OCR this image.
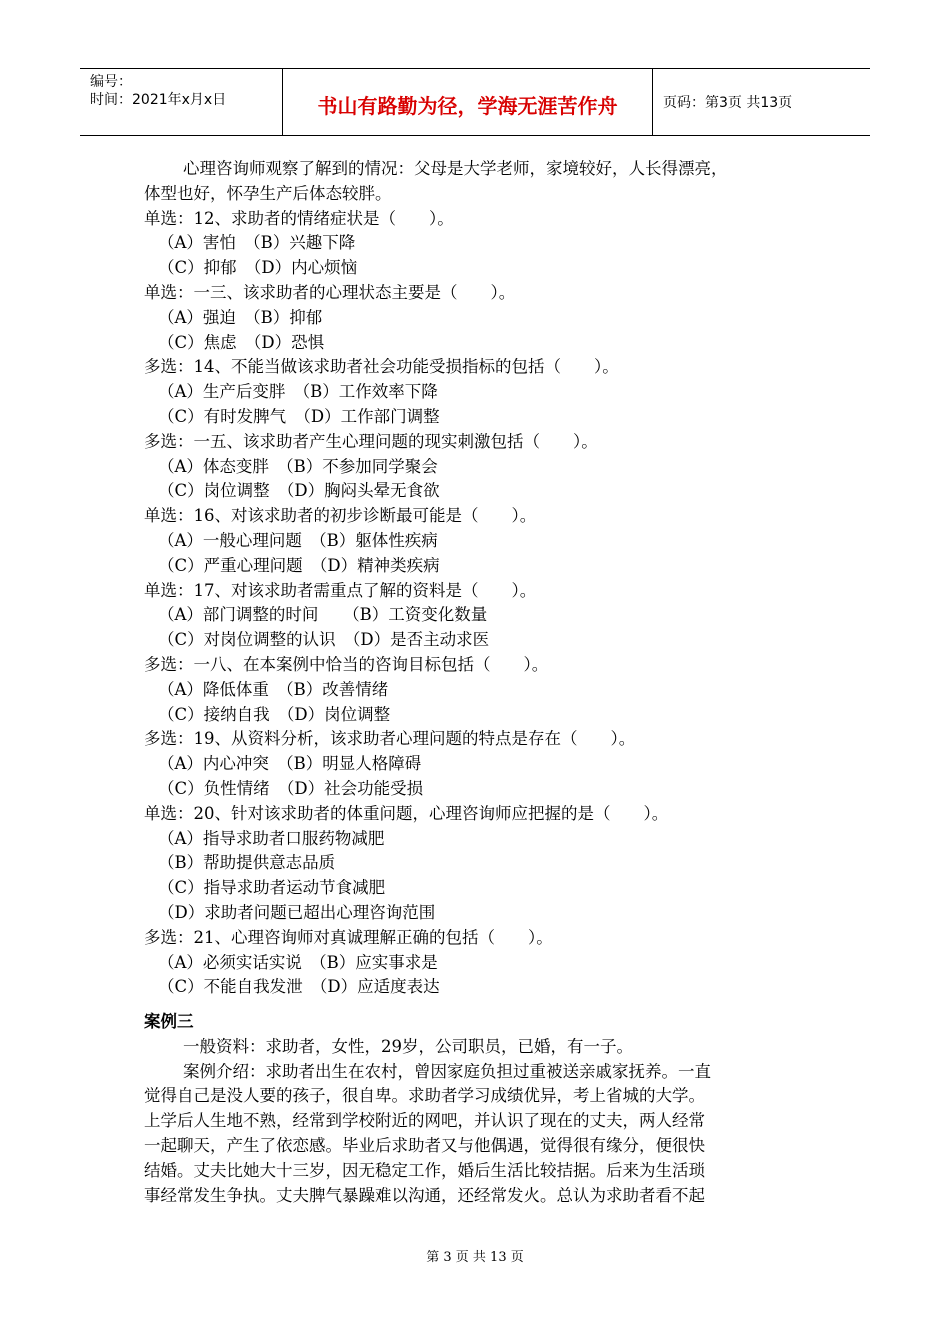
编号：
时间：2021年x月x日	书山有路勤为径，学海无涯苦作舟	页码：第3页 共13页
心理咨询师观察了解到的情况：父母是大学老师，家境较好，人长得漂亮，
体型也好，怀孕生产后体态较胖。
单选：12、求助者的情绪症状是（　　）。
（A）害怕　（B）兴趣下降
（C）抑郁　（D）内心烦恼
单选：一三、该求助者的心理状态主要是（　　）。
（A）强迫　（B）抑郁
（C）焦虑　（D）恐惧
多选：14、不能当做该求助者社会功能受损指标的包括（　　）。
（A）生产后变胖　（B）工作效率下降
（C）有时发脾气　（D）工作部门调整
多选：一五、该求助者产生心理问题的现实刺激包括（　　）。
（A）体态变胖　（B）不参加同学聚会
（C）岗位调整　（D）胸闷头晕无食欲
单选：16、对该求助者的初步诊断最可能是（　　）。
（A）一般心理问题　（B）躯体性疾病
（C）严重心理问题　（D）精神类疾病
单选：17、对该求助者需重点了解的资料是（　　）。
（A）部门调整的时间　　（B）工资变化数量
（C）对岗位调整的认识　（D）是否主动求医
多选：一八、在本案例中恰当的咨询目标包括（　　）。
（A）降低体重　（B）改善情绪
（C）接纳自我　（D）岗位调整
多选：19、从资料分析，该求助者心理问题的特点是存在（　　）。
（A）内心冲突　（B）明显人格障碍
（C）负性情绪　（D）社会功能受损
单选：20、针对该求助者的体重问题，心理咨询师应把握的是（　　）。
（A）指导求助者口服药物减肥
（B）帮助提供意志品质
（C）指导求助者运动节食减肥
（D）求助者问题已超出心理咨询范围
多选：21、心理咨询师对真诚理解正确的包括（　　）。
（A）必须实话实说　（B）应实事求是
（C）不能自我发泄　（D）应适度表达
案例三
一般资料：求助者，女性，29岁，公司职员，已婚，有一子。
案例介绍：求助者出生在农村，曾因家庭负担过重被送亲戚家抚养。一直
觉得自己是没人要的孩子，很自卑。求助者学习成绩优异，考上省城的大学。
上学后人生地不熟，经常到学校附近的网吧，并认识了现在的丈夫，两人经常
一起聊天，产生了依恋感。毕业后求助者又与他偶遇，觉得很有缘分，便很快
结婚。丈夫比她大十三岁，因无稳定工作，婚后生活比较拮据。后来为生活琐
事经常发生争执。丈夫脾气暴躁难以沟通，还经常发火。总认为求助者看不起
第 3 页 共 13 页
